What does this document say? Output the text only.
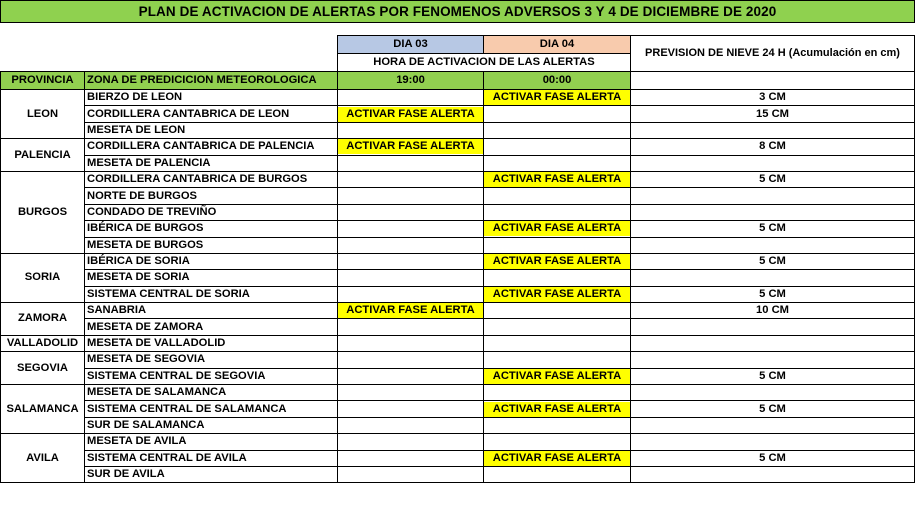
PLAN DE ACTIVACION DE ALERTAS POR FENOMENOS ADVERSOS 3 Y 4 DE DICIEMBRE DE 2020
		DIA 03	DIA 04	PREVISION DE NIEVE 24 H (Acumulación en cm)
		HORA DE ACTIVACION DE LAS ALERTAS		
PROVINCIA	ZONA DE PREDICICION METEOROLOGICA	19:00	00:00	
LEON	BIERZO DE LEON		ACTIVAR FASE ALERTA	3 CM
	CORDILLERA CANTABRICA DE LEON	ACTIVAR FASE ALERTA		15 CM
	MESETA DE LEON			
PALENCIA	CORDILLERA CANTABRICA DE PALENCIA	ACTIVAR FASE ALERTA		8 CM
	MESETA DE PALENCIA			
BURGOS	CORDILLERA CANTABRICA DE BURGOS		ACTIVAR FASE ALERTA	5 CM
	NORTE DE BURGOS			
	CONDADO DE TREVIÑO			
	IBÉRICA DE BURGOS		ACTIVAR FASE ALERTA	5 CM
	MESETA DE BURGOS			
SORIA	IBÉRICA DE SORIA		ACTIVAR FASE ALERTA	5 CM
	MESETA DE SORIA			
	SISTEMA CENTRAL DE SORIA		ACTIVAR FASE ALERTA	5 CM
ZAMORA	SANABRIA	ACTIVAR FASE ALERTA		10 CM
	MESETA DE ZAMORA			
VALLADOLID	MESETA DE VALLADOLID			
SEGOVIA	MESETA DE SEGOVIA			
	SISTEMA CENTRAL DE SEGOVIA		ACTIVAR FASE ALERTA	5 CM
SALAMANCA	MESETA DE SALAMANCA			
	SISTEMA CENTRAL DE SALAMANCA		ACTIVAR FASE ALERTA	5 CM
	SUR DE SALAMANCA			
AVILA	MESETA DE AVILA			
	SISTEMA CENTRAL DE AVILA		ACTIVAR FASE ALERTA	5 CM
	SUR DE AVILA			
